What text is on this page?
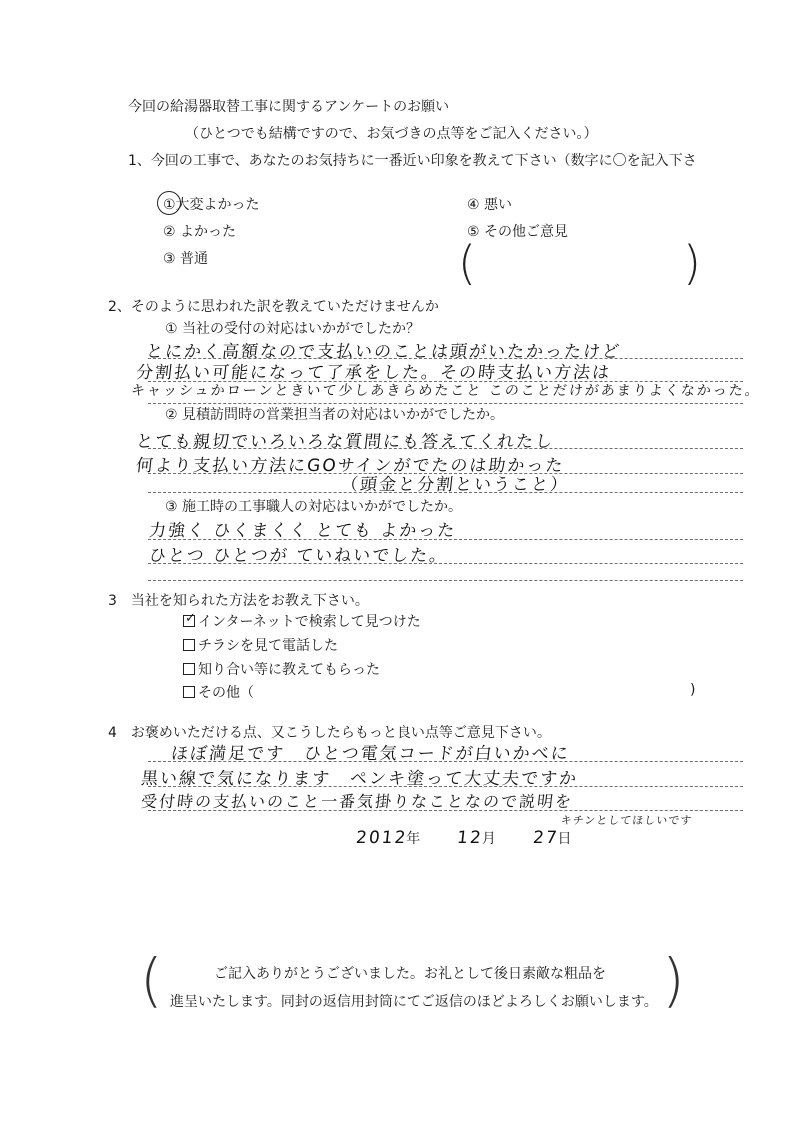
今回の給湯器取替工事に関するアンケートのお願い
（ひとつでも結構ですので、お気づきの点等をご記入ください。）
1、今回の工事で、あなたのお気持ちに一番近い印象を教えて下さい（数字に〇を記入下さ
①大変よかった
② よかった
③ 普通
④ 悪い
⑤ その他ご意見
(	)
2、そのように思われた訳を教えていただけませんか
① 当社の受付の対応はいかがでしたか？
とにかく高額なので支払いのことは頭がいたかったけど
分割払い可能になって了承をした。その時支払い方法は
キャッシュかローンときいて少しあきらめたこと このことだけがあまりよくなかった。
② 見積訪問時の営業担当者の対応はいかがでしたか。
とても親切でいろいろな質問にも答えてくれたし
何より支払い方法にGOサインがでたのは助かった
（頭金と分割ということ）
③ 施工時の工事職人の対応はいかがでしたか。
力強く ひくまくく とても よかった
ひとつ ひとつが ていねいでした。
3　当社を知られた方法をお教え下さい。
✓ インターネットで検索して見つけた
チラシを見て電話した
知り合い等に教えてもらった
その他（	)
4　お褒めいただける点、又こうしたらもっと良い点等ご意見下さい。
ほぼ満足です　ひとつ電気コードが白いかべに
黒い線で気になります　ペンキ塗って大丈夫ですか
受付時の支払いのこと一番気掛りなことなので説明を
キチンとしてほしいです
2012年 12月 27日
(	)
ご記入ありがとうございました。お礼として後日素敵な粗品を
進呈いたします。同封の返信用封筒にてご返信のほどよろしくお願いします。
